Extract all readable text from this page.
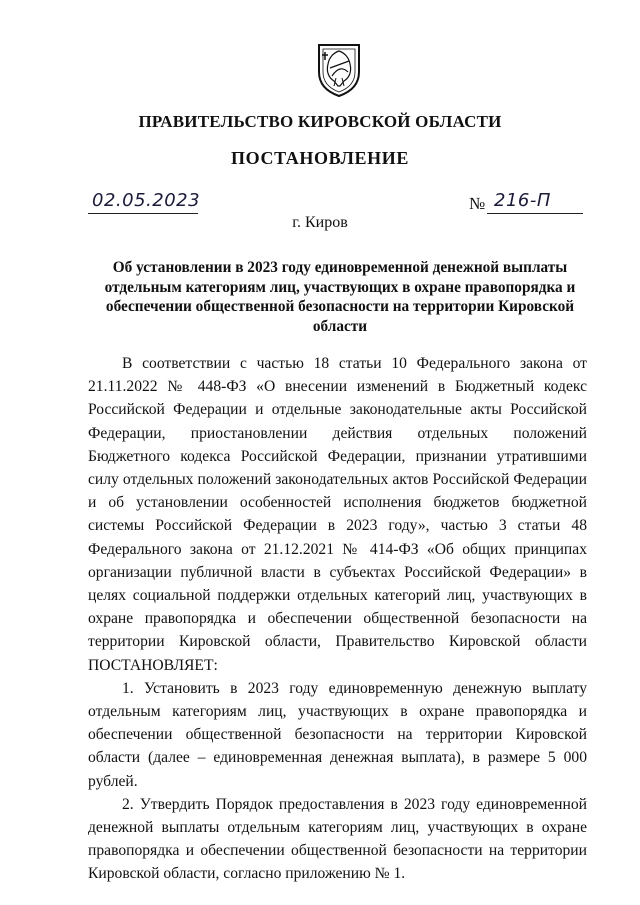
ПРАВИТЕЛЬСТВО КИРОВСКОЙ ОБЛАСТИ
ПОСТАНОВЛЕНИЕ
02.05.2023	№ 216-П
г. Киров
Об установлении в 2023 году единовременной денежной выплаты отдельным категориям лиц, участвующих в охране правопорядка и обеспечении общественной безопасности на территории Кировской области

В соответствии с частью 18 статьи 10 Федерального закона от 21.11.2022 № 448-ФЗ «О внесении изменений в Бюджетный кодекс Российской Федерации и отдельные законодательные акты Российской Федерации, приостановлении действия отдельных положений Бюджетного кодекса Российской Федерации, признании утратившими силу отдельных положений законодательных актов Российской Федерации и об установлении особенностей исполнения бюджетов бюджетной системы Российской Федерации в 2023 году», частью 3 статьи 48 Федерального закона от 21.12.2021 № 414-ФЗ «Об общих принципах организации публичной власти в субъектах Российской Федерации» в целях социальной поддержки отдельных категорий лиц, участвующих в охране правопорядка и обеспечении общественной безопасности на территории Кировской области, Правительство Кировской области ПОСТАНОВЛЯЕТ:

1. Установить в 2023 году единовременную денежную выплату отдельным категориям лиц, участвующих в охране правопорядка и обеспечении общественной безопасности на территории Кировской области (далее – единовременная денежная выплата), в размере 5 000 рублей.

2. Утвердить Порядок предоставления в 2023 году единовременной денежной выплаты отдельным категориям лиц, участвующих в охране правопорядка и обеспечении общественной безопасности на территории Кировской области, согласно приложению № 1.
